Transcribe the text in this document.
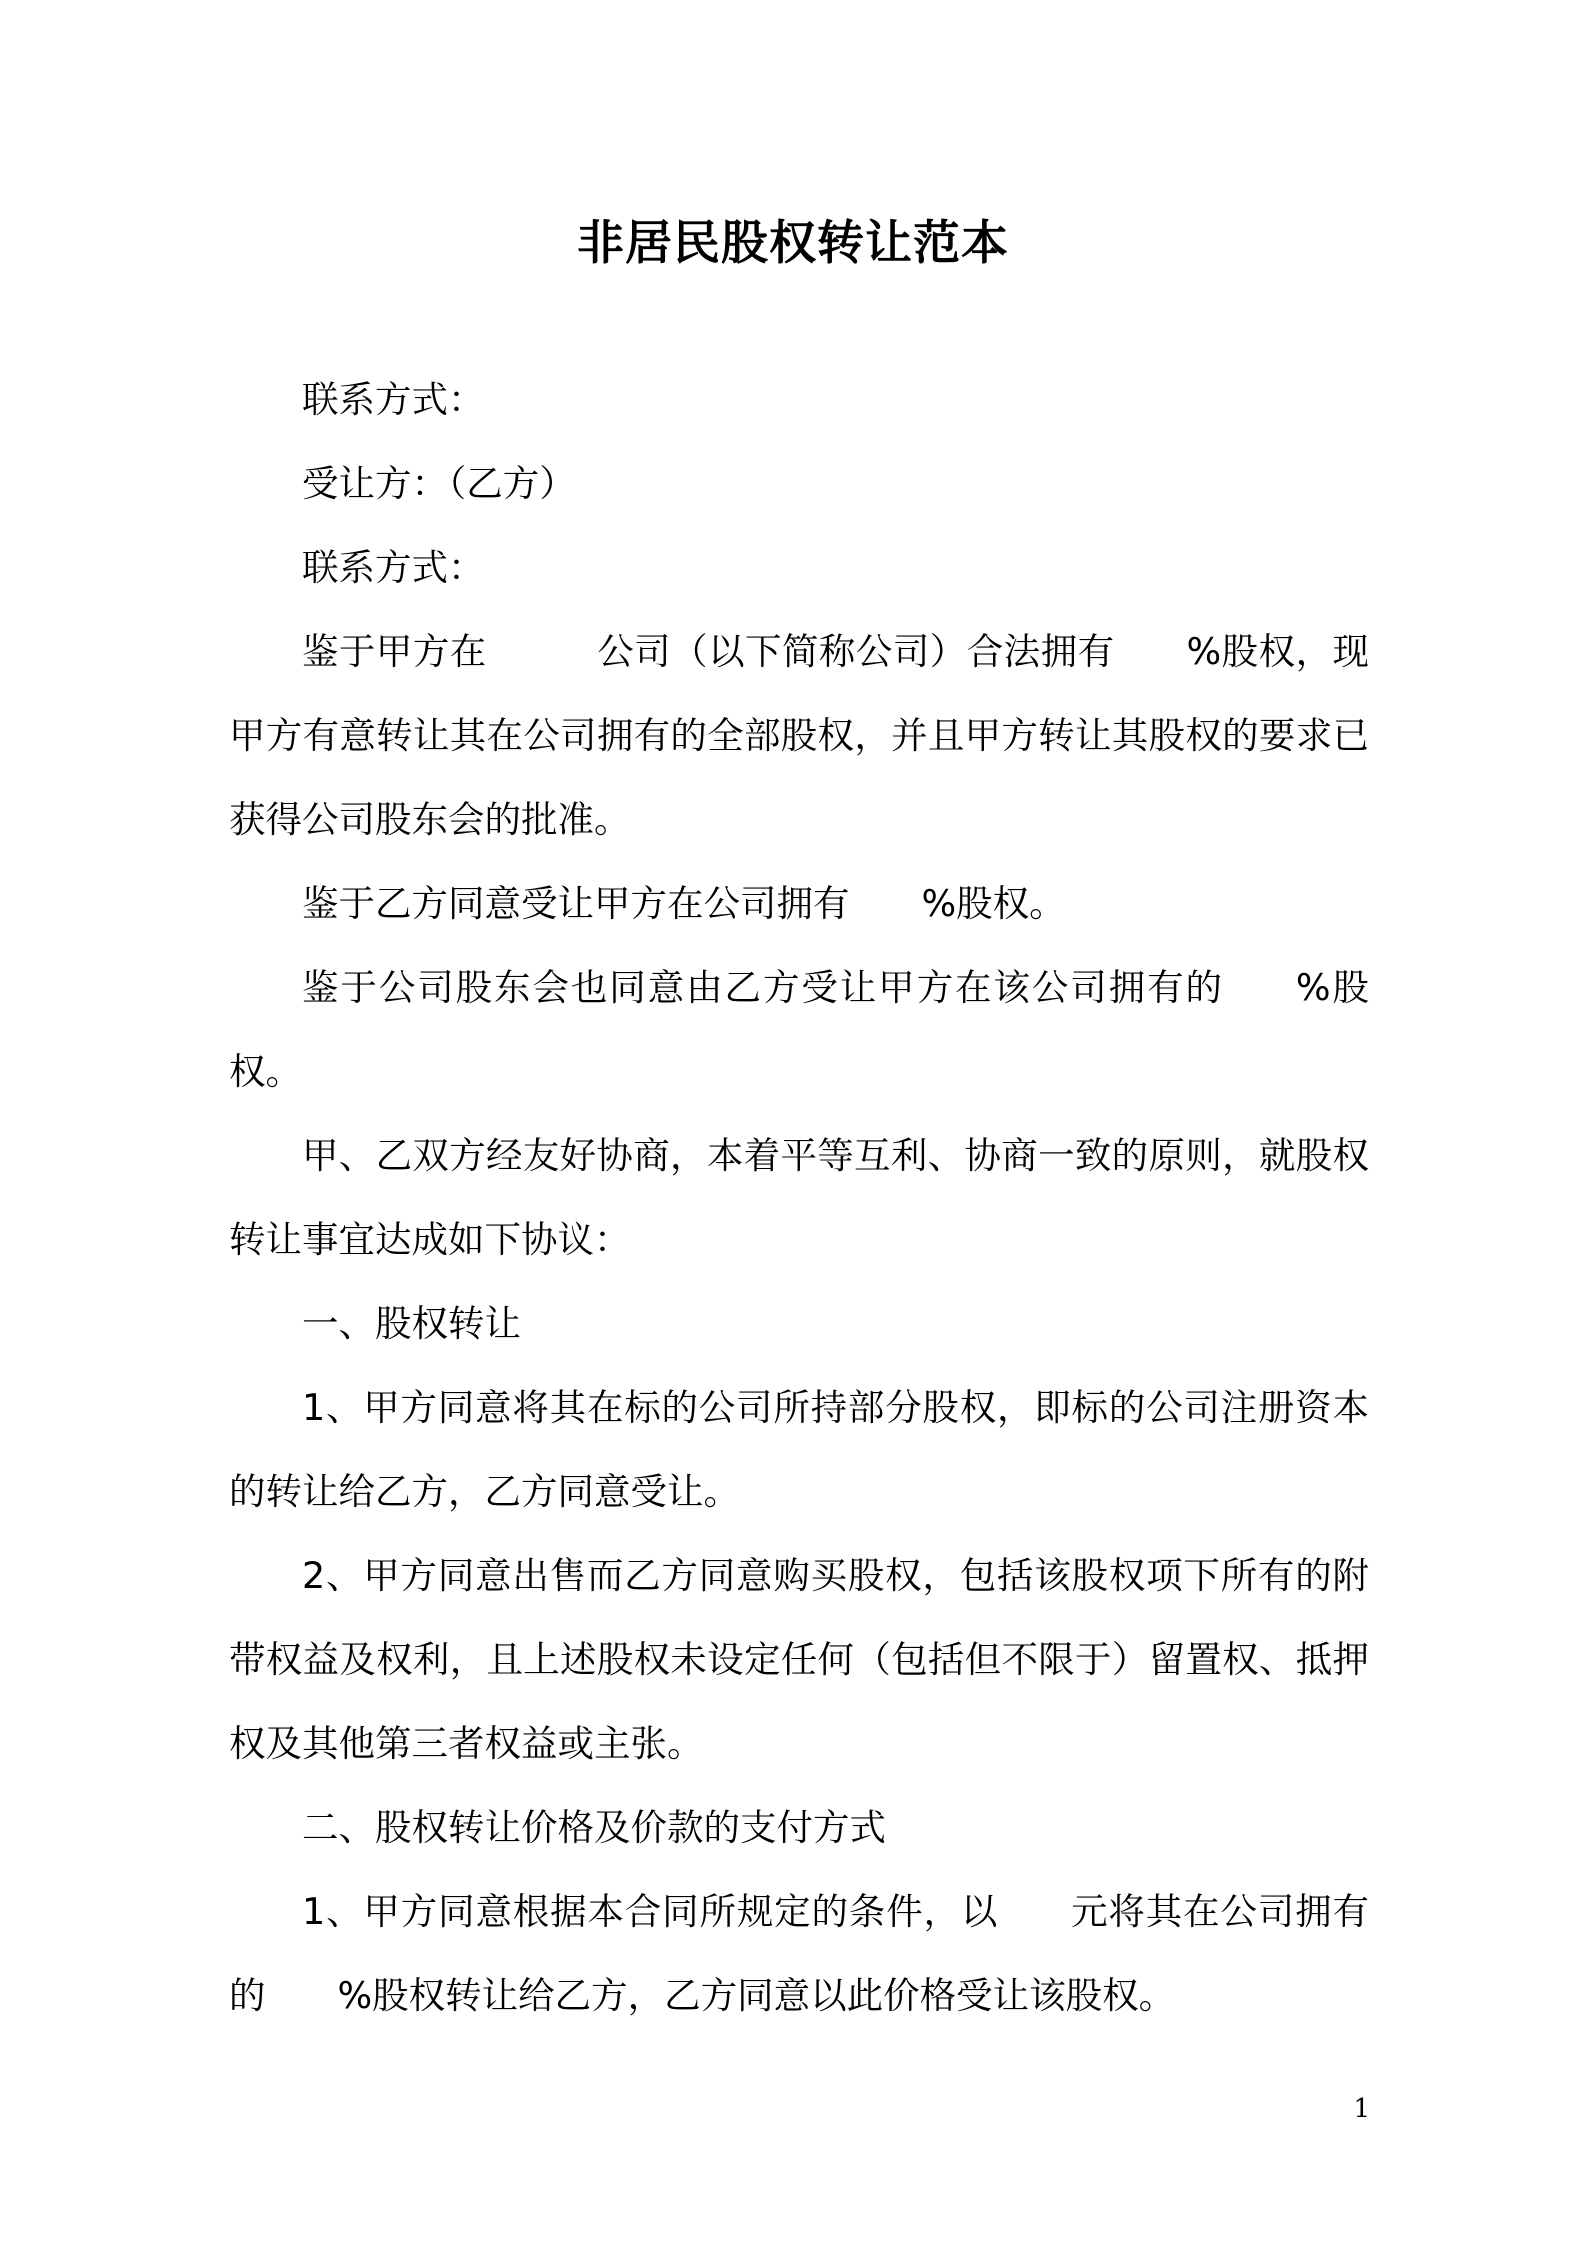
非居民股权转让范本

联系方式：

受让方：（乙方）

联系方式：

鉴于甲方在	公司（以下简称公司）合法拥有 %股权，现甲方有意转让其在公司拥有的全部股权，并且甲方转让其股权的要求已获得公司股东会的批准。

鉴于乙方同意受让甲方在公司拥有 %股权。

鉴于公司股东会也同意由乙方受让甲方在该公司拥有的 %股权。

甲、乙双方经友好协商，本着平等互利、协商一致的原则，就股权转让事宜达成如下协议：

一、股权转让

1、甲方同意将其在标的公司所持部分股权，即标的公司注册资本的转让给乙方，乙方同意受让。

2、甲方同意出售而乙方同意购买股权，包括该股权项下所有的附带权益及权利，且上述股权未设定任何（包括但不限于）留置权、抵押权及其他第三者权益或主张。

二、股权转让价格及价款的支付方式

1、甲方同意根据本合同所规定的条件，以 元将其在公司拥有的 %股权转让给乙方，乙方同意以此价格受让该股权。

1
